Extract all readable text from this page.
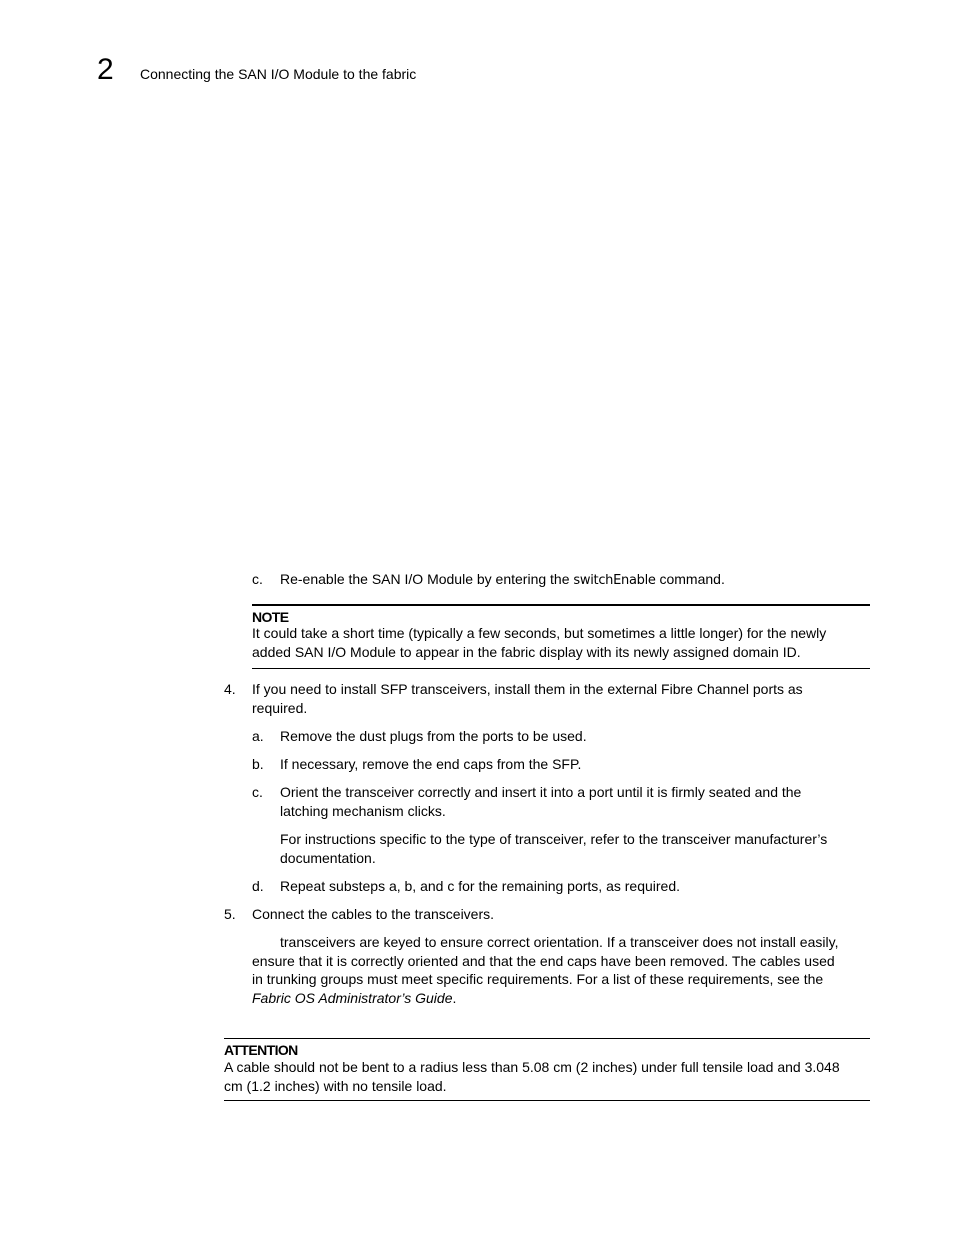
2 Connecting the SAN I/O Module to the fabric
c. Re-enable the SAN I/O Module by entering the switchEnable command.
NOTE
It could take a short time (typically a few seconds, but sometimes a little longer) for the newly
added SAN I/O Module to appear in the fabric display with its newly assigned domain ID.
4. If you need to install SFP transceivers, install them in the external Fibre Channel ports as
required.
a. Remove the dust plugs from the ports to be used.
b. If necessary, remove the end caps from the SFP.
c. Orient the transceiver correctly and insert it into a port until it is firmly seated and the
latching mechanism clicks.
For instructions specific to the type of transceiver, refer to the transceiver manufacturer’s
documentation.
d. Repeat substeps a, b, and c for the remaining ports, as required.
5. Connect the cables to the transceivers.
transceivers are keyed to ensure correct orientation. If a transceiver does not install easily,
ensure that it is correctly oriented and that the end caps have been removed. The cables used
in trunking groups must meet specific requirements. For a list of these requirements, see the
Fabric OS Administrator’s Guide.
ATTENTION
A cable should not be bent to a radius less than 5.08 cm (2 inches) under full tensile load and 3.048
cm (1.2 inches) with no tensile load.
